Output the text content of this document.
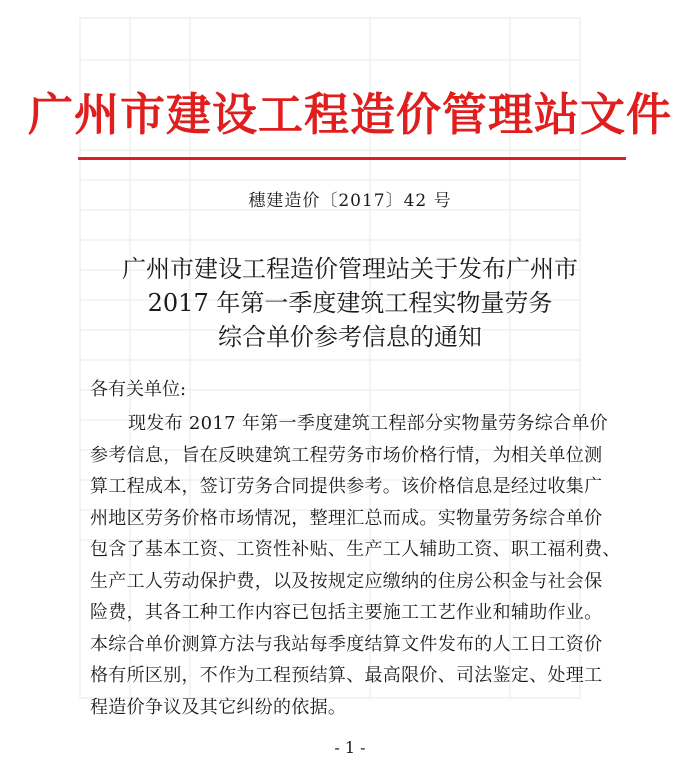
广州市建设工程造价管理站文件
穗建造价〔2017〕42 号
广州市建设工程造价管理站关于发布广州市
2017 年第一季度建筑工程实物量劳务
综合单价参考信息的通知
各有关单位:
现发布 2017 年第一季度建筑工程部分实物量劳务综合单价
参考信息，旨在反映建筑工程劳务市场价格行情，为相关单位测
算工程成本，签订劳务合同提供参考。该价格信息是经过收集广
州地区劳务价格市场情况，整理汇总而成。实物量劳务综合单价
包含了基本工资、工资性补贴、生产工人辅助工资、职工福利费、
生产工人劳动保护费，以及按规定应缴纳的住房公积金与社会保
险费，其各工种工作内容已包括主要施工工艺作业和辅助作业。
本综合单价测算方法与我站每季度结算文件发布的人工日工资价
格有所区别，不作为工程预结算、最高限价、司法鉴定、处理工
程造价争议及其它纠纷的依据。
- 1 -
